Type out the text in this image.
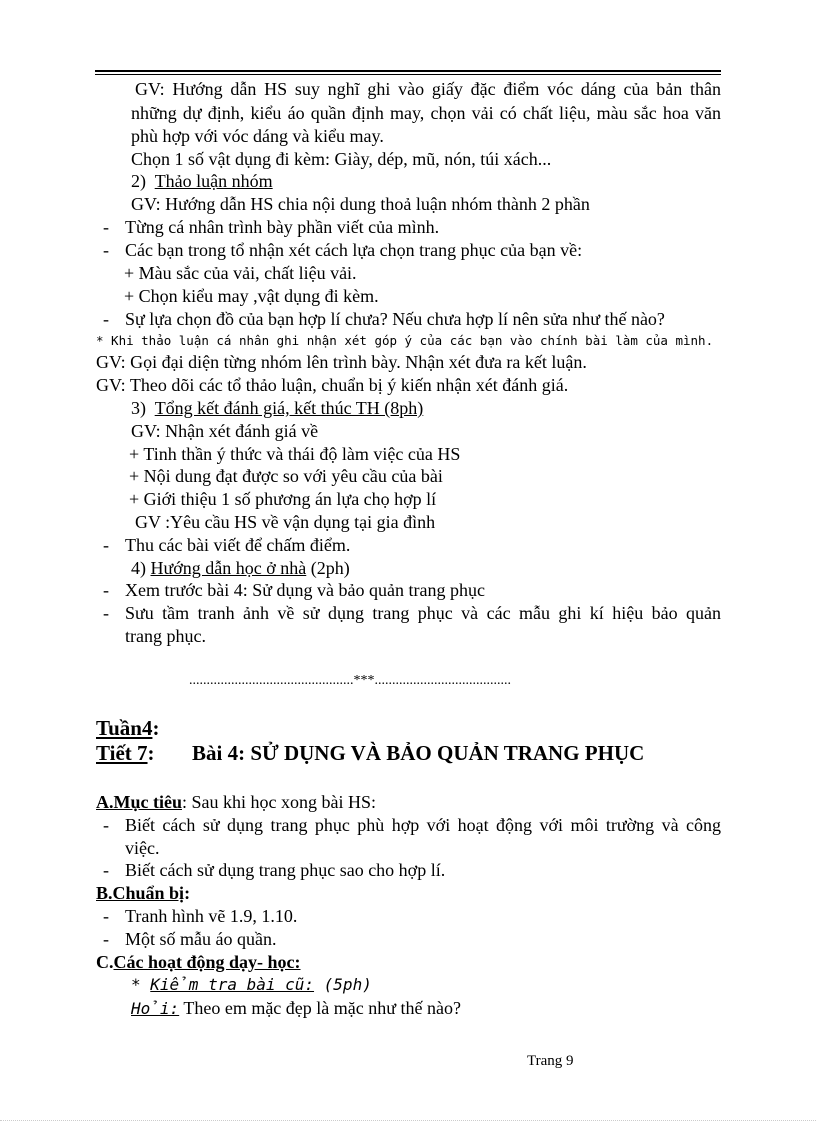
GV: Hướng dẫn HS suy nghĩ ghi vào giấy đặc điểm vóc dáng của bản thân
những dự định, kiểu áo quần định may, chọn vải có chất liệu, màu sắc hoa văn
phù hợp với vóc dáng và kiểu may.
Chọn 1 số vật dụng đi kèm: Giày, dép, mũ, nón, túi xách...
2) Thảo luận nhóm
GV: Hướng dẫn HS chia nội dung thoả luận nhóm thành 2 phần
- Từng cá nhân trình bày phần viết của mình.
- Các bạn trong tổ nhận xét cách lựa chọn trang phục của bạn về:
+ Màu sắc của vải, chất liệu vải.
+ Chọn kiểu may ,vật dụng đi kèm.
- Sự lựa chọn đồ của bạn hợp lí chưa? Nếu chưa hợp lí nên sửa như thế nào?
* Khi thảo luận cá nhân ghi nhận xét góp ý của các bạn vào chính bài làm của mình.
GV: Gọi đại diện từng nhóm lên trình bày. Nhận xét đưa ra kết luận.
GV: Theo dõi các tổ thảo luận, chuẩn bị ý kiến nhận xét đánh giá.
3) Tổng kết đánh giá, kết thúc TH (8ph)
GV: Nhận xét đánh giá về
+ Tinh thần ý thức và thái độ làm việc của HS
+ Nội dung đạt được so với yêu cầu của bài
+ Giới thiệu 1 số phương án lựa chọ hợp lí
GV :Yêu cầu HS về vận dụng tại gia đình
- Thu các bài viết để chấm điểm.
4) Hướng dẫn học ở nhà (2ph)
- Xem trước bài 4: Sử dụng và bảo quản trang phục
- Sưu tầm tranh ảnh về sử dụng trang phục và các mẫu ghi kí hiệu bảo quản
trang phục.
...............................................***.......................................
Tuần4:
Tiết 7: Bài 4: SỬ DỤNG VÀ BẢO QUẢN TRANG PHỤC
A.Mục tiêu: Sau khi học xong bài HS:
- Biết cách sử dụng trang phục phù hợp với hoạt động với môi trường và công
việc.
- Biết cách sử dụng trang phục sao cho hợp lí.
B.Chuẩn bị:
- Tranh hình vẽ 1.9, 1.10.
- Một số mẫu áo quần.
C.Các hoạt động dạy- học:
* Kiểm tra bài cũ: (5ph)
Hỏi: Theo em mặc đẹp là mặc như thế nào?
Trang 9
